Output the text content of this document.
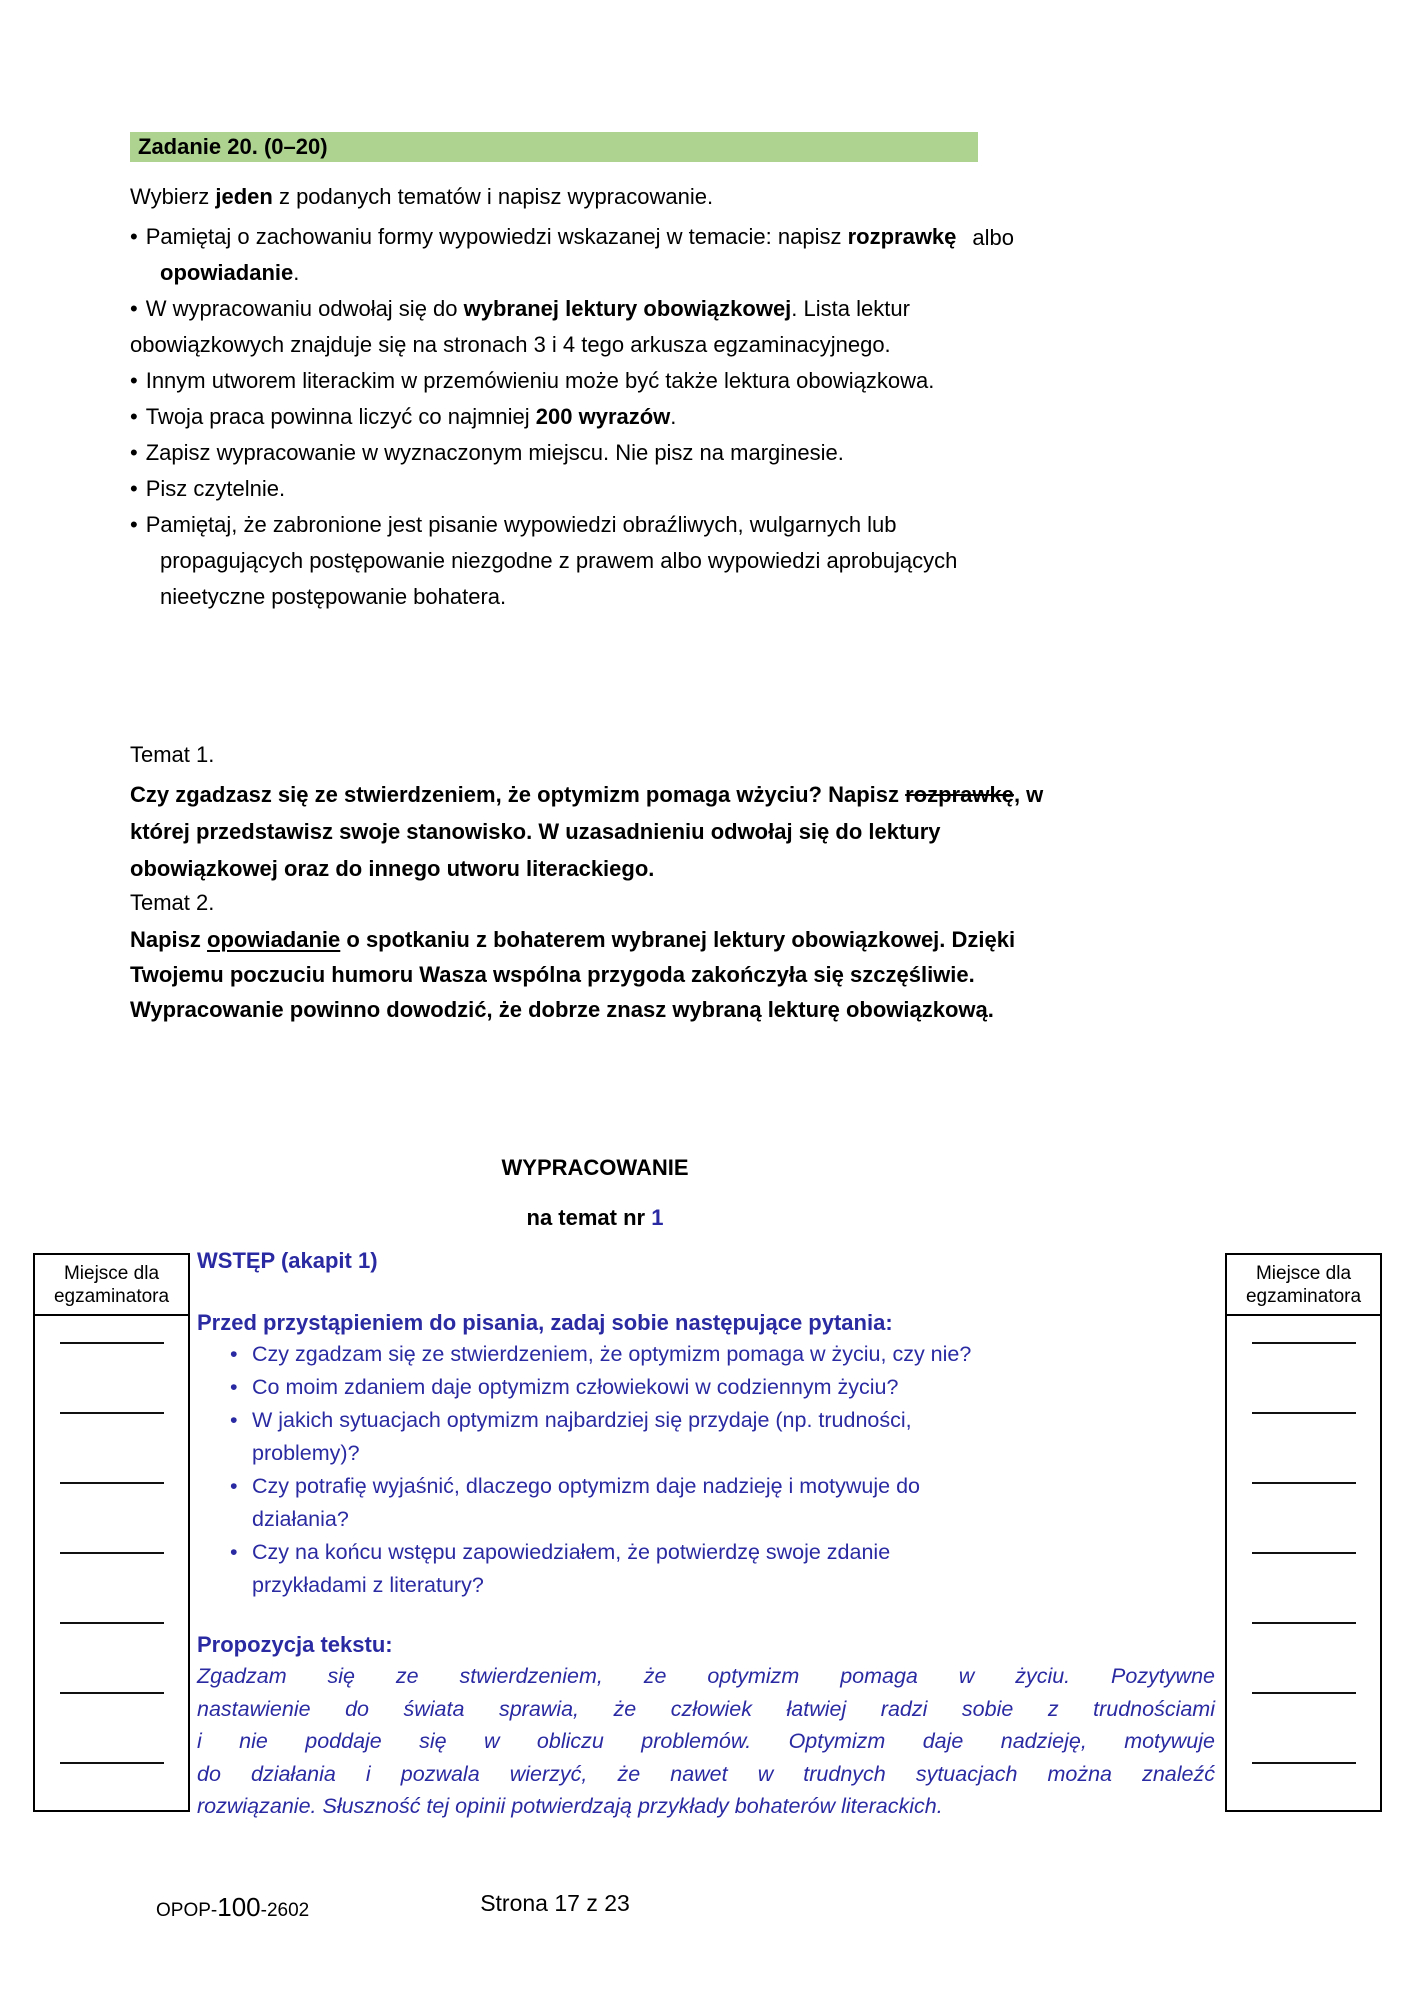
Zadanie 20. (0–20)
Wybierz jeden z podanych tematów i napisz wypracowanie.
• Pamiętaj o zachowaniu formy wypowiedzi wskazanej w temacie: napisz rozprawkę albo
opowiadanie.
• W wypracowaniu odwołaj się do wybranej lektury obowiązkowej. Lista lektur
obowiązkowych znajduje się na stronach 3 i 4 tego arkusza egzaminacyjnego.
• Innym utworem literackim w przemówieniu może być także lektura obowiązkowa.
• Twoja praca powinna liczyć co najmniej 200 wyrazów.
• Zapisz wypracowanie w wyznaczonym miejscu. Nie pisz na marginesie.
• Pisz czytelnie.
• Pamiętaj, że zabronione jest pisanie wypowiedzi obraźliwych, wulgarnych lub
propagujących postępowanie niezgodne z prawem albo wypowiedzi aprobujących
nieetyczne postępowanie bohatera.
Temat 1.
Czy zgadzasz się ze stwierdzeniem, że optymizm pomaga wżyciu? Napisz rozprawkę, w
której przedstawisz swoje stanowisko. W uzasadnieniu odwołaj się do lektury
obowiązkowej oraz do innego utworu literackiego.
Temat 2.
Napisz opowiadanie o spotkaniu z bohaterem wybranej lektury obowiązkowej. Dzięki
Twojemu poczuciu humoru Wasza wspólna przygoda zakończyła się szczęśliwie.
Wypracowanie powinno dowodzić, że dobrze znasz wybraną lekturę obowiązkową.
WYPRACOWANIE
na temat nr 1
Miejsce dla
egzaminatora
Miejsce dla
egzaminatora
WSTĘP (akapit 1)
Przed przystąpieniem do pisania, zadaj sobie następujące pytania:
• Czy zgadzam się ze stwierdzeniem, że optymizm pomaga w życiu, czy nie?
• Co moim zdaniem daje optymizm człowiekowi w codziennym życiu?
• W jakich sytuacjach optymizm najbardziej się przydaje (np. trudności,
problemy)?
• Czy potrafię wyjaśnić, dlaczego optymizm daje nadzieję i motywuje do
działania?
• Czy na końcu wstępu zapowiedziałem, że potwierdzę swoje zdanie
przykładami z literatury?
Propozycja tekstu:
Zgadzam się ze stwierdzeniem, że optymizm pomaga w życiu. Pozytywne
nastawienie do świata sprawia, że człowiek łatwiej radzi sobie z trudnościami
i nie poddaje się w obliczu problemów. Optymizm daje nadzieję, motywuje
do działania i pozwala wierzyć, że nawet w trudnych sytuacjach można znaleźć
rozwiązanie. Słuszność tej opinii potwierdzają przykłady bohaterów literackich.
OPOP-100-2602	Strona 17 z 23
